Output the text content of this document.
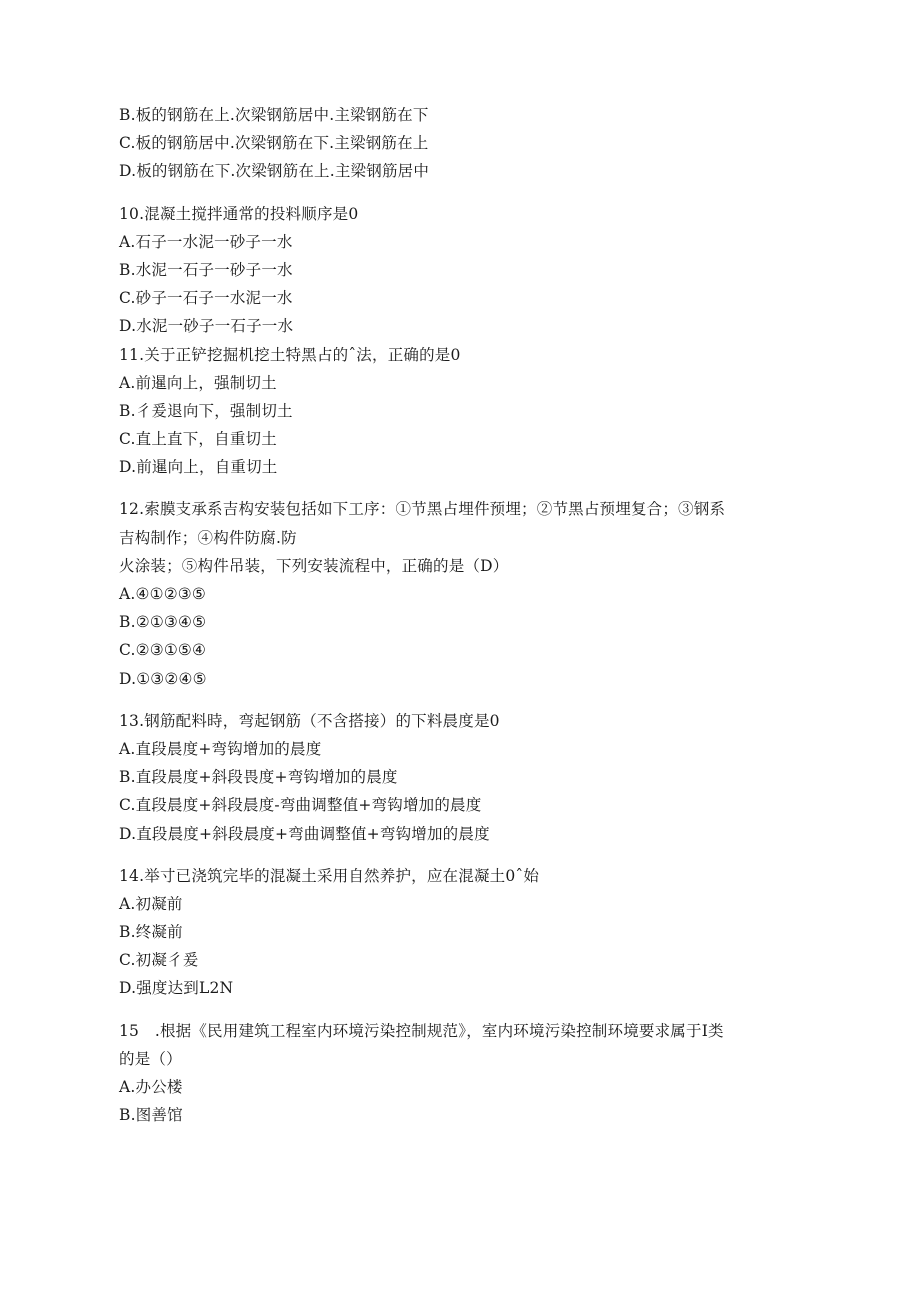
B.板的钢筋在上.次梁钢筋居中.主梁钢筋在下
C.板的钢筋居中.次梁钢筋在下.主梁钢筋在上
D.板的钢筋在下.次梁钢筋在上.主梁钢筋居中
10.混凝土搅拌通常的投料顺序是0
A.石子一水泥一砂子一水
B.水泥一石子一砂子一水
C.砂子一石子一水泥一水
D.水泥一砂子一石子一水
11.关于正铲挖掘机挖土特黑占的ˆ法，正确的是0
A.前暹向上，强制切土
B.彳爰退向下，强制切土
C.直上直下，自重切土
D.前暹向上，自重切土
12.索膜支承系吉构安装包括如下工序：①节黑占埋件预埋；②节黑占预埋复合；③钢系
吉构制作；④构件防腐.防
火涂装；⑤构件吊装，下列安装流程中，正确的是（D）
A.④①②③⑤
B.②①③④⑤
C.②③①⑤④
D.①③②④⑤
13.钢筋配料時，弯起钢筋（不含搭接）的下料晨度是0
A.直段晨度+弯钩增加的晨度
B.直段晨度+斜段畏度+弯钩增加的晨度
C.直段晨度+斜段晨度-弯曲调整值+弯钩增加的晨度
D.直段晨度+斜段晨度+弯曲调整值+弯钩增加的晨度
14.举寸已浇筑完毕的混凝土采用自然养护，应在混凝土0ˆ始
A.初凝前
B.终凝前
C.初凝彳爰
D.强度达到L2N
15　.根据《民用建筑工程室内环境污染控制规范》，室内环境污染控制环境要求属于I类
的是（）
A.办公楼
B.图善馆
